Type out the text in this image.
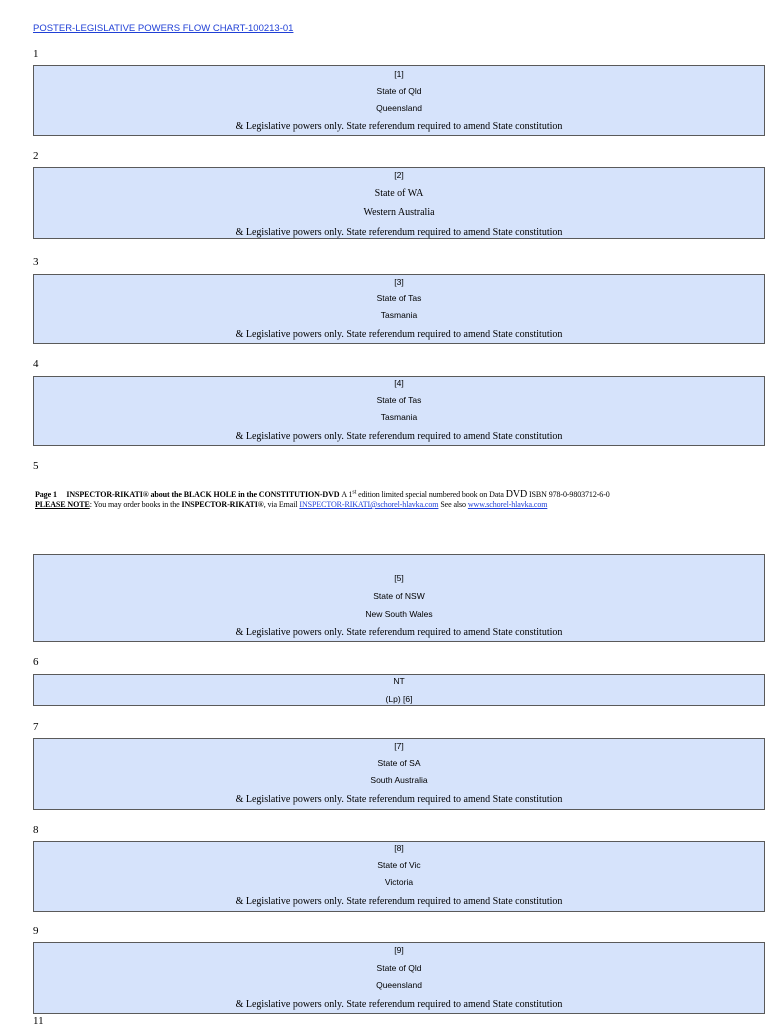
POSTER-LEGISLATIVE POWERS FLOW CHART-100213-01
1
[1]
State of Qld
Queensland
& Legislative powers only. State referendum required to amend State constitution
2
[2]
State of WA
Western Australia
& Legislative powers only. State referendum required to amend State constitution
3
[3]
State of Tas
Tasmania
& Legislative powers only. State referendum required to amend State constitution
4
[4]
State of Tas
Tasmania
& Legislative powers only. State referendum required to amend State constitution
5
Page 1 INSPECTOR-RIKATI® about the BLACK HOLE in the CONSTITUTION-DVD A 1st edition limited special numbered book on Data DVD ISBN 978-0-9803712-6-0
PLEASE NOTE: You may order books in the INSPECTOR-RIKATI®, via Email INSPECTOR-RIKATI@schorel-hlavka.com See also www.schorel-hlavka.com
[5]
State of NSW
New South Wales
& Legislative powers only. State referendum required to amend State constitution
6
NT
(Lp) [6]
7
[7]
State of SA
South Australia
& Legislative powers only. State referendum required to amend State constitution
8
[8]
State of Vic
Victoria
& Legislative powers only. State referendum required to amend State constitution
9
[9]
State of Qld
Queensland
& Legislative powers only. State referendum required to amend State constitution
11
